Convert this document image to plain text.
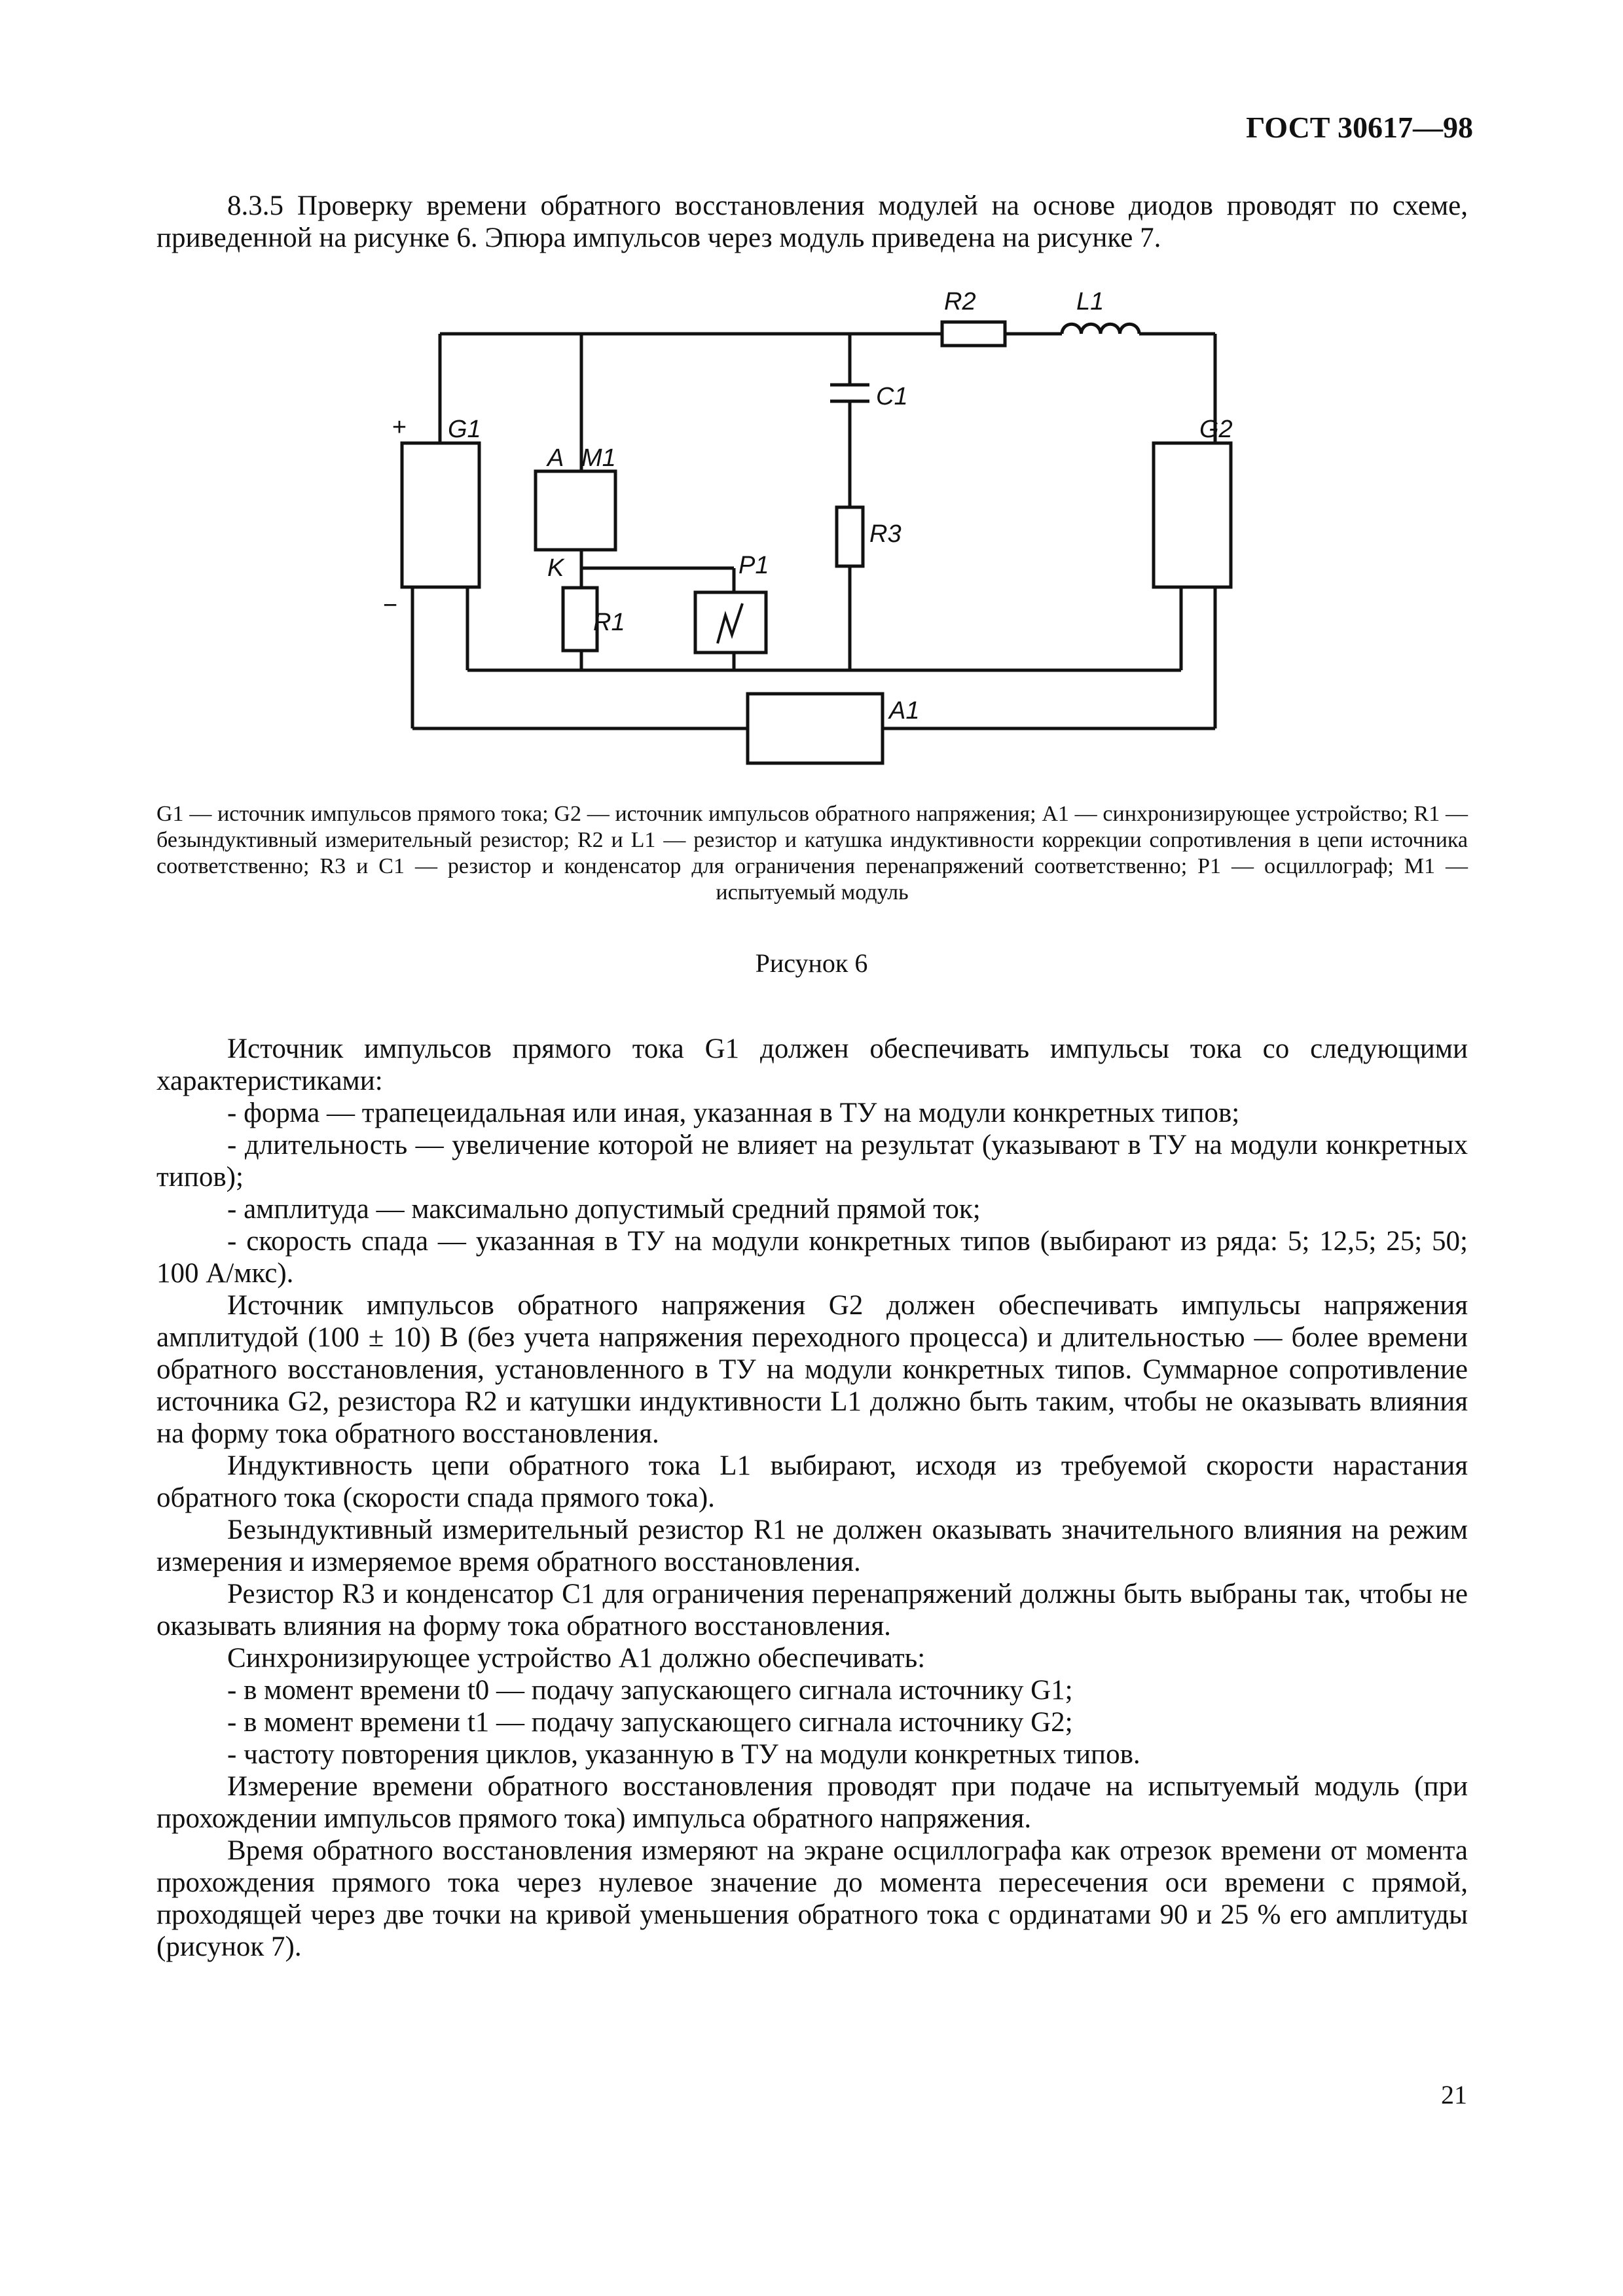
ГОСТ 30617—98
8.3.5 Проверку времени обратного восстановления модулей на основе диодов проводят по схеме, приведенной на рисунке 6. Эпюра импульсов через модуль приведена на рисунке 7.
+
−
G1	G2
A M1
K
R1
R2	L1
C1
R3
P1
A1
G1 — источник импульсов прямого тока; G2 — источник импульсов обратного напряжения; A1 — синхронизирующее устройство; R1 — безындуктивный измерительный резистор; R2 и L1 — резистор и катушка индуктивности коррекции сопротивления в цепи источника соответственно; R3 и C1 — резистор и конденсатор для ограничения перенапряжений соответственно; P1 — осциллограф; M1 — испытуемый модуль
Рисунок 6
Источник импульсов прямого тока G1 должен обеспечивать импульсы тока со следующими характеристиками:
- форма — трапецеидальная или иная, указанная в ТУ на модули конкретных типов;
- длительность — увеличение которой не влияет на результат (указывают в ТУ на модули конкретных типов);
- амплитуда — максимально допустимый средний прямой ток;
- скорость спада — указанная в ТУ на модули конкретных типов (выбирают из ряда: 5; 12,5; 25; 50; 100 А/мкс).
Источник импульсов обратного напряжения G2 должен обеспечивать импульсы напряжения амплитудой (100 ± 10) В (без учета напряжения переходного процесса) и длительностью — более времени обратного восстановления, установленного в ТУ на модули конкретных типов. Суммарное сопротивление источника G2, резистора R2 и катушки индуктивности L1 должно быть таким, чтобы не оказывать влияния на форму тока обратного восстановления.
Индуктивность цепи обратного тока L1 выбирают, исходя из требуемой скорости нарастания обратного тока (скорости спада прямого тока).
Безындуктивный измерительный резистор R1 не должен оказывать значительного влияния на режим измерения и измеряемое время обратного восстановления.
Резистор R3 и конденсатор C1 для ограничения перенапряжений должны быть выбраны так, чтобы не оказывать влияния на форму тока обратного восстановления.
Синхронизирующее устройство A1 должно обеспечивать:
- в момент времени t0 — подачу запускающего сигнала источнику G1;
- в момент времени t1 — подачу запускающего сигнала источнику G2;
- частоту повторения циклов, указанную в ТУ на модули конкретных типов.
Измерение времени обратного восстановления проводят при подаче на испытуемый модуль (при прохождении импульсов прямого тока) импульса обратного напряжения.
Время обратного восстановления измеряют на экране осциллографа как отрезок времени от момента прохождения прямого тока через нулевое значение до момента пересечения оси времени с прямой, проходящей через две точки на кривой уменьшения обратного тока с ординатами 90 и 25 % его амплитуды (рисунок 7).
21
